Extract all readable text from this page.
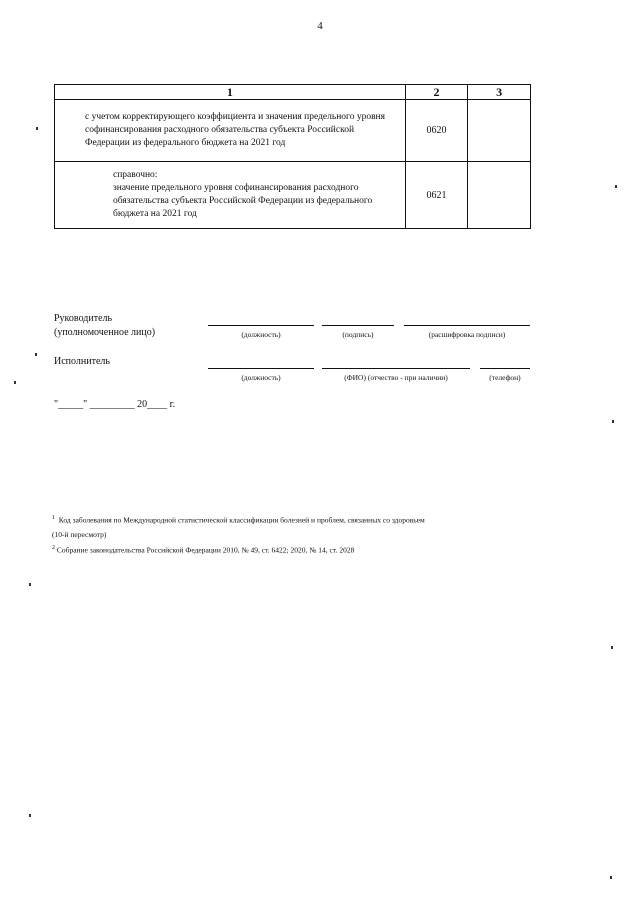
4
1	2	3
с учетом корректирующего коэффициента и значения предельного уровня софинансирования расходного обязательства субъекта Российской Федерации из федерального бюджета на 2021 год	0620	

справочно:
значение предельного уровня софинансирования расходного обязательства субъекта Российской Федерации из федерального бюджета на 2021 год	0621	
Руководитель
(уполномоченное лицо)	(должность)	(подпись)	(расшифровка подписи)
Исполнитель
(должность)	(ФИО) (отчество - при наличии)	(телефон)
"_____" _________ 20____ г.
$^1$ Код заболевания по Международной статистической классификации болезней и проблем, связанных со здоровьем
(10-й пересмотр)
$^2$ Собрание законодательства Российской Федерации 2010, № 49, ст. 6422; 2020, № 14, ст. 2028
